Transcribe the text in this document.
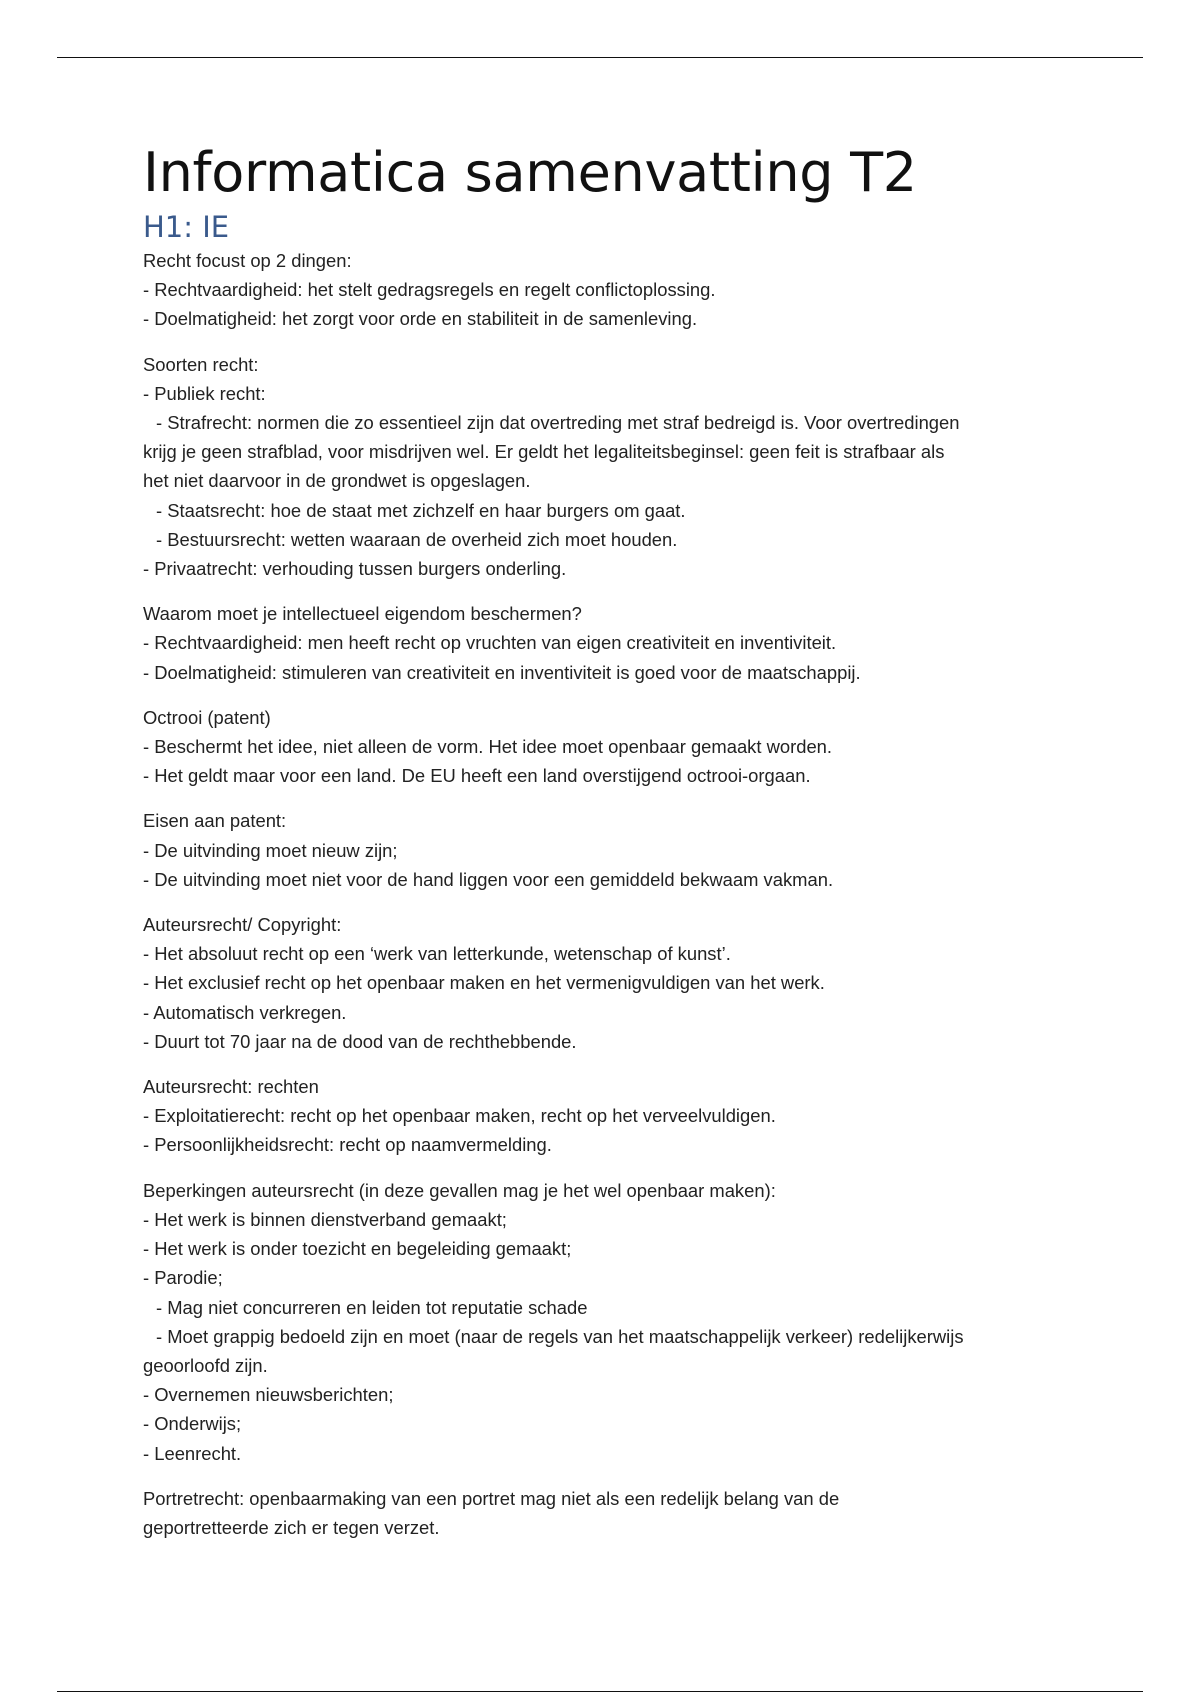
Informatica samenvatting T2
H1: IE
Recht focust op 2 dingen:
- Rechtvaardigheid: het stelt gedragsregels en regelt conflictoplossing.
- Doelmatigheid: het zorgt voor orde en stabiliteit in de samenleving.
Soorten recht:
- Publiek recht:
- Strafrecht: normen die zo essentieel zijn dat overtreding met straf bedreigd is. Voor overtredingen
krijg je geen strafblad, voor misdrijven wel. Er geldt het legaliteitsbeginsel: geen feit is strafbaar als
het niet daarvoor in de grondwet is opgeslagen.
- Staatsrecht: hoe de staat met zichzelf en haar burgers om gaat.
- Bestuursrecht: wetten waaraan de overheid zich moet houden.
- Privaatrecht: verhouding tussen burgers onderling.
Waarom moet je intellectueel eigendom beschermen?
- Rechtvaardigheid: men heeft recht op vruchten van eigen creativiteit en inventiviteit.
- Doelmatigheid: stimuleren van creativiteit en inventiviteit is goed voor de maatschappij.
Octrooi (patent)
- Beschermt het idee, niet alleen de vorm. Het idee moet openbaar gemaakt worden.
- Het geldt maar voor een land. De EU heeft een land overstijgend octrooi-orgaan.
Eisen aan patent:
- De uitvinding moet nieuw zijn;
- De uitvinding moet niet voor de hand liggen voor een gemiddeld bekwaam vakman.
Auteursrecht/ Copyright:
- Het absoluut recht op een ‘werk van letterkunde, wetenschap of kunst’.
- Het exclusief recht op het openbaar maken en het vermenigvuldigen van het werk.
- Automatisch verkregen.
- Duurt tot 70 jaar na de dood van de rechthebbende.
Auteursrecht: rechten
- Exploitatierecht: recht op het openbaar maken, recht op het verveelvuldigen.
- Persoonlijkheidsrecht: recht op naamvermelding.
Beperkingen auteursrecht (in deze gevallen mag je het wel openbaar maken):
- Het werk is binnen dienstverband gemaakt;
- Het werk is onder toezicht en begeleiding gemaakt;
- Parodie;
- Mag niet concurreren en leiden tot reputatie schade
- Moet grappig bedoeld zijn en moet (naar de regels van het maatschappelijk verkeer) redelijkerwijs
geoorloofd zijn.
- Overnemen nieuwsberichten;
- Onderwijs;
- Leenrecht.
Portretrecht: openbaarmaking van een portret mag niet als een redelijk belang van de
geportretteerde zich er tegen verzet.
